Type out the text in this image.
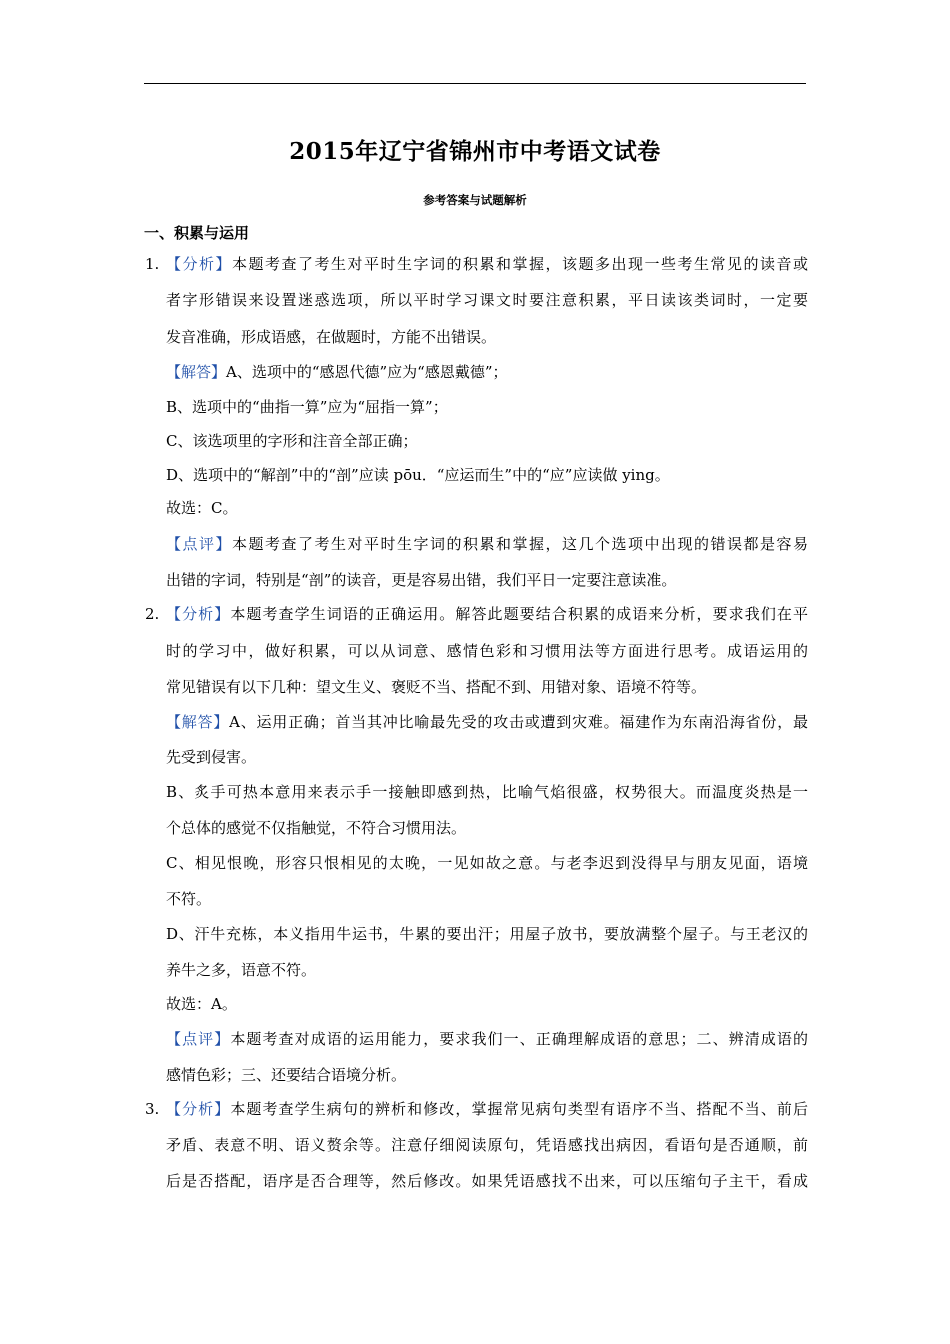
2015年辽宁省锦州市中考语文试卷
参考答案与试题解析
一、积累与运用
1. 【分析】本题考查了考生对平时生字词的积累和掌握，该题多出现一些考生常见的读音或
者字形错误来设置迷惑选项，所以平时学习课文时要注意积累，平日读该类词时，一定要
发音准确，形成语感，在做题时，方能不出错误。
【解答】A、选项中的“感恩代德”应为“感恩戴德”；
B、选项中的“曲指一算”应为“屈指一算”；
C、该选项里的字形和注音全部正确；
D、选项中的“解剖”中的“剖”应读 pōu．“应运而生”中的“应”应读做 ying。
故选：C。
【点评】本题考查了考生对平时生字词的积累和掌握，这几个选项中出现的错误都是容易
出错的字词，特别是“剖”的读音，更是容易出错，我们平日一定要注意读准。
2. 【分析】本题考查学生词语的正确运用。解答此题要结合积累的成语来分析，要求我们在平
时的学习中，做好积累，可以从词意、感情色彩和习惯用法等方面进行思考。成语运用的
常见错误有以下几种：望文生义、褒贬不当、搭配不到、用错对象、语境不符等。
【解答】A、运用正确；首当其冲比喻最先受的攻击或遭到灾难。福建作为东南沿海省份，最
先受到侵害。
B、炙手可热本意用来表示手一接触即感到热，比喻气焰很盛，权势很大。而温度炎热是一
个总体的感觉不仅指触觉，不符合习惯用法。
C、相见恨晚，形容只恨相见的太晚，一见如故之意。与老李迟到没得早与朋友见面，语境
不符。
D、汗牛充栋，本义指用牛运书，牛累的要出汗；用屋子放书，要放满整个屋子。与王老汉的
养牛之多，语意不符。
故选：A。
【点评】本题考查对成语的运用能力，要求我们一、正确理解成语的意思；二、辨清成语的
感情色彩；三、还要结合语境分析。
3. 【分析】本题考查学生病句的辨析和修改，掌握常见病句类型有语序不当、搭配不当、前后
矛盾、表意不明、语义赘余等。注意仔细阅读原句，凭语感找出病因，看语句是否通顺，前
后是否搭配，语序是否合理等，然后修改。如果凭语感找不出来，可以压缩句子主干，看成
